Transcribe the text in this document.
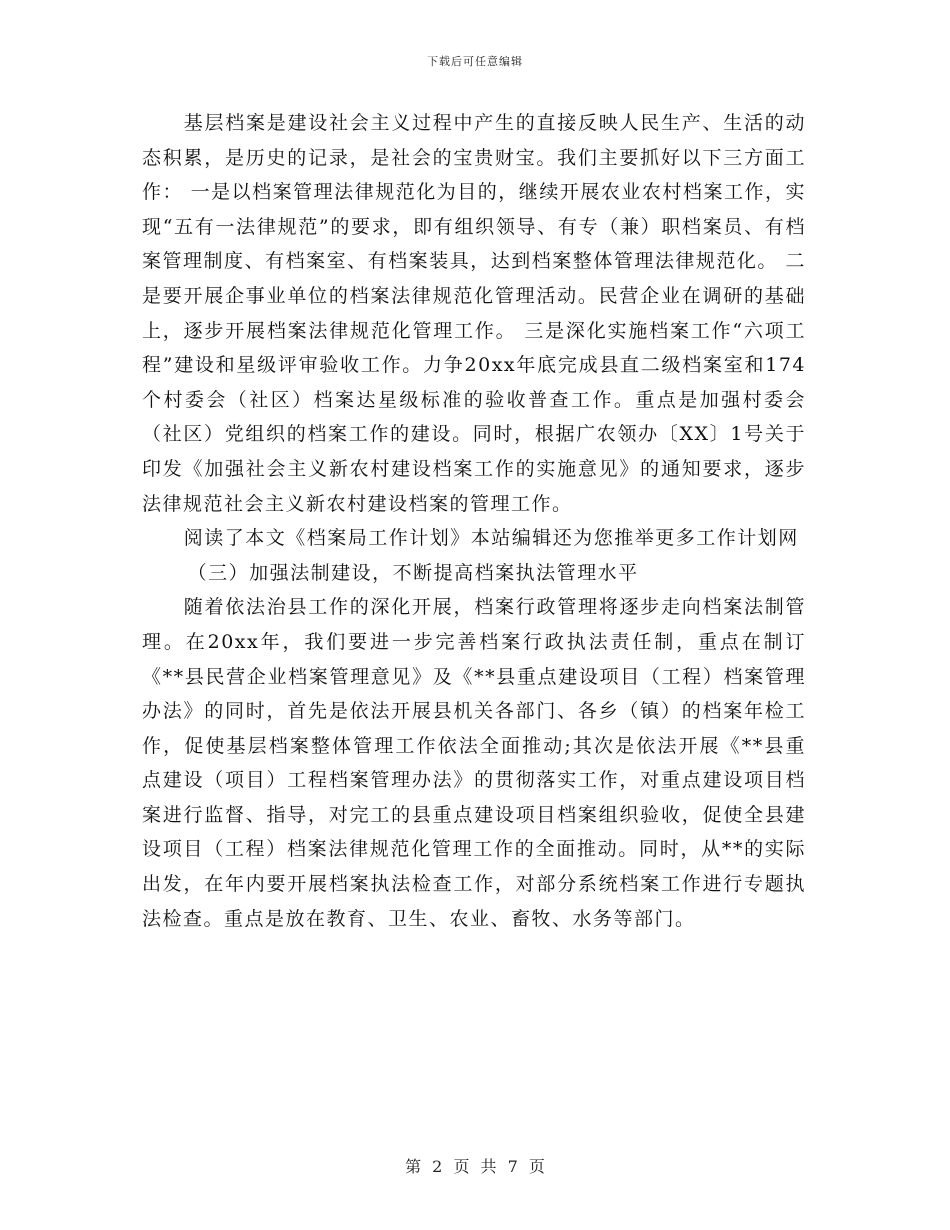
下载后可任意编辑

基层档案是建设社会主义过程中产生的直接反映人民生产、生活的动态积累，是历史的记录，是社会的宝贵财宝。我们主要抓好以下三方面工作： 一是以档案管理法律规范化为目的，继续开展农业农村档案工作，实现“五有一法律规范”的要求，即有组织领导、有专（兼）职档案员、有档案管理制度、有档案室、有档案装具，达到档案整体管理法律规范化。 二是要开展企事业单位的档案法律规范化管理活动。民营企业在调研的基础上，逐步开展档案法律规范化管理工作。 三是深化实施档案工作“六项工程”建设和星级评审验收工作。力争20xx年底完成县直二级档案室和174个村委会（社区）档案达星级标准的验收普查工作。重点是加强村委会（社区）党组织的档案工作的建设。同时，根据广农领办〔XX〕1号关于印发《加强社会主义新农村建设档案工作的实施意见》的通知要求，逐步法律规范社会主义新农村建设档案的管理工作。

阅读了本文《档案局工作计划》本站编辑还为您推举更多工作计划网

（三）加强法制建设，不断提高档案执法管理水平

随着依法治县工作的深化开展，档案行政管理将逐步走向档案法制管理。在20xx年，我们要进一步完善档案行政执法责任制，重点在制订《**县民营企业档案管理意见》及《**县重点建设项目（工程）档案管理办法》的同时，首先是依法开展县机关各部门、各乡（镇）的档案年检工作，促使基层档案整体管理工作依法全面推动;其次是依法开展《**县重点建设（项目）工程档案管理办法》的贯彻落实工作，对重点建设项目档案进行监督、指导，对完工的县重点建设项目档案组织验收，促使全县建设项目（工程）档案法律规范化管理工作的全面推动。同时，从**的实际出发，在年内要开展档案执法检查工作，对部分系统档案工作进行专题执法检查。重点是放在教育、卫生、农业、畜牧、水务等部门。

第 2 页 共 7 页
